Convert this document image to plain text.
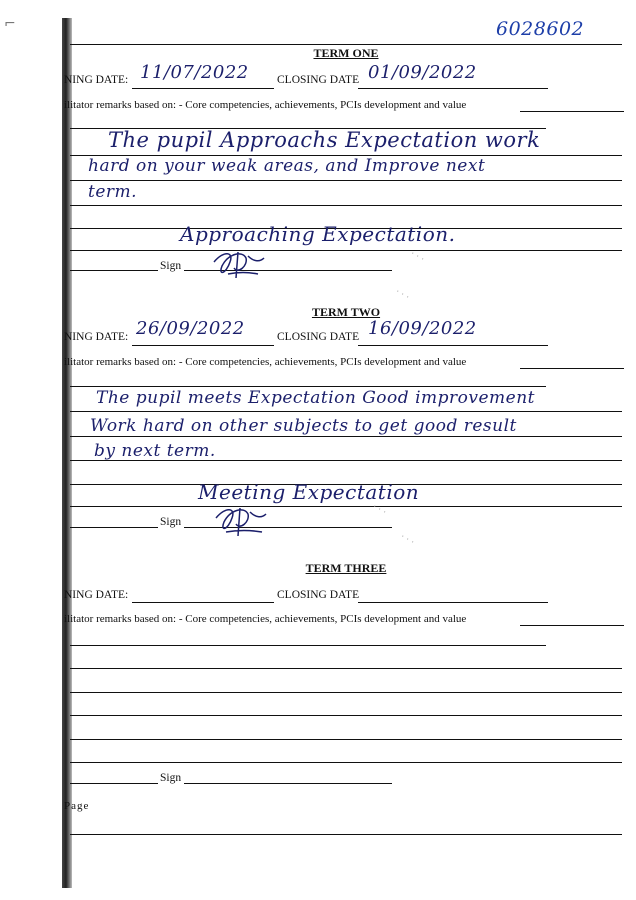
⌐	6028602
TERM ONE
NING DATE: 11/07/2022 CLOSING DATE 01/09/2022
ilitator remarks based on: - Core competencies, achievements, PCIs development and value
The pupil Approachs Expectation work
hard on your weak areas, and Improve next
term.
Approaching Expectation.
Sign
· · ·
· · ·
TERM TWO
NING DATE: 26/09/2022	CLOSING DATE 16/09/2022
ilitator remarks based on: - Core competencies, achievements, PCIs development and value
The pupil meets Expectation Good improvement
Work hard on other subjects to get good result
by next term.
Meeting Expectation
Sign
· · ·
· · ·
TERM THREE
NING DATE:	CLOSING DATE
ilitator remarks based on: - Core competencies, achievements, PCIs development and value
Sign
Page
